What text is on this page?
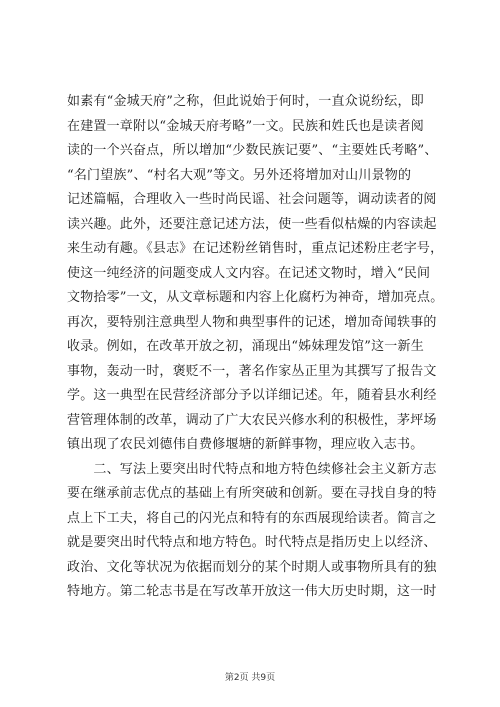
如素有“金城天府”之称，但此说始于何时，一直众说纷纭，即
在建置一章附以“金城天府考略”一文。民族和姓氏也是读者阅
读的一个兴奋点，所以增加“少数民族记要”、“主要姓氏考略”、
“名门望族”、“村名大观”等文。另外还将增加对山川景物的
记述篇幅，合理收入一些时尚民谣、社会问题等，调动读者的阅
读兴趣。此外，还要注意记述方法，使一些看似枯燥的内容读起
来生动有趣。《县志》在记述粉丝销售时，重点记述粉庄老字号，
使这一纯经济的问题变成人文内容。在记述文物时，增入“民间
文物拾零”一文，从文章标题和内容上化腐朽为神奇，增加亮点。
再次，要特别注意典型人物和典型事件的记述，增加奇闻轶事的
收录。例如，在改革开放之初，涌现出“姊妹理发馆”这一新生
事物，轰动一时，褒贬不一，著名作家丛正里为其撰写了报告文
学。这一典型在民营经济部分予以详细记述。年，随着县水利经
营管理体制的改革，调动了广大农民兴修水利的积极性，茅坪场
镇出现了农民刘德伟自费修堰塘的新鲜事物，理应收入志书。
　　二、写法上要突出时代特点和地方特色续修社会主义新方志
要在继承前志优点的基础上有所突破和创新。要在寻找自身的特
点上下工夫，将自己的闪光点和特有的东西展现给读者。简言之
就是要突出时代特点和地方特色。时代特点是指历史上以经济、
政治、文化等状况为依据而划分的某个时期人或事物所具有的独
特地方。第二轮志书是在写改革开放这一伟大历史时期，这一时
第2页 共9页
